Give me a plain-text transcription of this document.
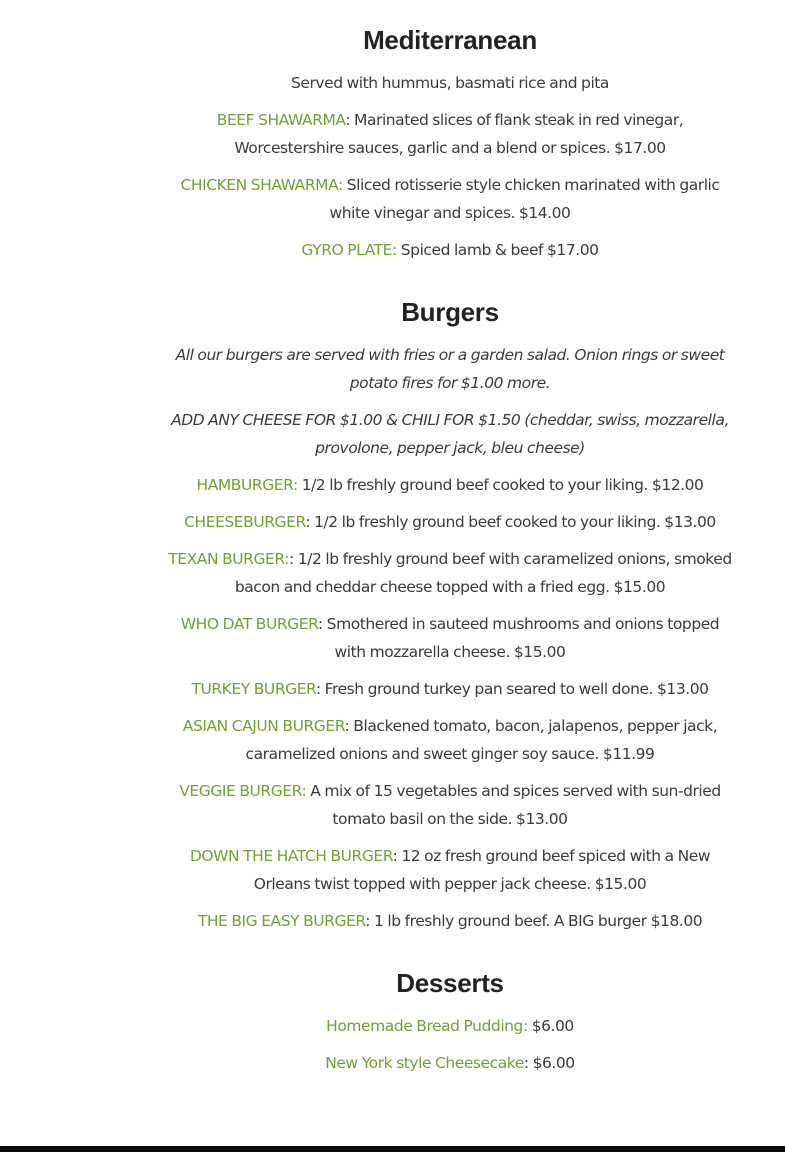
Mediterranean

Served with hummus, basmati rice and pita

BEEF SHAWARMA: Marinated slices of flank steak in red vinegar, Worcestershire sauces, garlic and a blend or spices. $17.00

CHICKEN SHAWARMA: Sliced rotisserie style chicken marinated with garlic white vinegar and spices. $14.00

GYRO PLATE: Spiced lamb & beef $17.00

Burgers

All our burgers are served with fries or a garden salad. Onion rings or sweet potato fires for $1.00 more.

ADD ANY CHEESE FOR $1.00 & CHILI FOR $1.50 (cheddar, swiss, mozzarella, provolone, pepper jack, bleu cheese)

HAMBURGER: 1/2 lb freshly ground beef cooked to your liking. $12.00

CHEESEBURGER: 1/2 lb freshly ground beef cooked to your liking. $13.00

TEXAN BURGER:: 1/2 lb freshly ground beef with caramelized onions, smoked bacon and cheddar cheese topped with a fried egg. $15.00

WHO DAT BURGER: Smothered in sauteed mushrooms and onions topped with mozzarella cheese. $15.00

TURKEY BURGER: Fresh ground turkey pan seared to well done. $13.00

ASIAN CAJUN BURGER: Blackened tomato, bacon, jalapenos, pepper jack, caramelized onions and sweet ginger soy sauce. $11.99

VEGGIE BURGER: A mix of 15 vegetables and spices served with sun-dried tomato basil on the side. $13.00

DOWN THE HATCH BURGER: 12 oz fresh ground beef spiced with a New Orleans twist topped with pepper jack cheese. $15.00

THE BIG EASY BURGER: 1 lb freshly ground beef. A BIG burger $18.00

Desserts

Homemade Bread Pudding: $6.00

New York style Cheesecake: $6.00
